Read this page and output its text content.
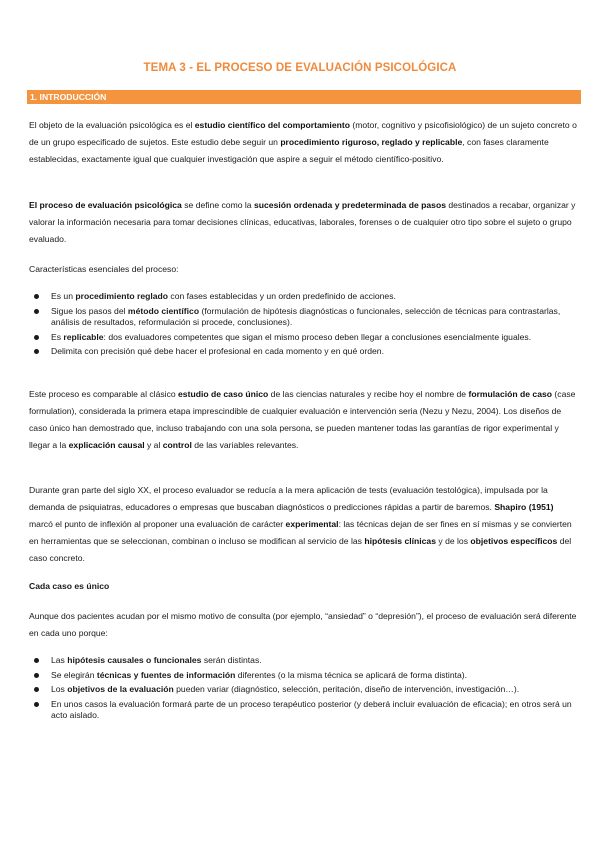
TEMA 3 - EL PROCESO DE EVALUACIÓN PSICOLÓGICA
1. INTRODUCCIÓN

El objeto de la evaluación psicológica es el estudio científico del comportamiento (motor, cognitivo y psicofisiológico) de un sujeto concreto o de un grupo especificado de sujetos. Este estudio debe seguir un procedimiento riguroso, reglado y replicable, con fases claramente establecidas, exactamente igual que cualquier investigación que aspire a seguir el método científico-positivo.

El proceso de evaluación psicológica se define como la sucesión ordenada y predeterminada de pasos destinados a recabar, organizar y valorar la información necesaria para tomar decisiones clínicas, educativas, laborales, forenses o de cualquier otro tipo sobre el sujeto o grupo evaluado.

Características esenciales del proceso:

Es un procedimiento reglado con fases establecidas y un orden predefinido de acciones.
Sigue los pasos del método científico (formulación de hipótesis diagnósticas o funcionales, selección de técnicas para contrastarlas, análisis de resultados, reformulación si procede, conclusiones).
Es replicable: dos evaluadores competentes que sigan el mismo proceso deben llegar a conclusiones esencialmente iguales.
Delimita con precisión qué debe hacer el profesional en cada momento y en qué orden.

Este proceso es comparable al clásico estudio de caso único de las ciencias naturales y recibe hoy el nombre de formulación de caso (case formulation), considerada la primera etapa imprescindible de cualquier evaluación e intervención seria (Nezu y Nezu, 2004). Los diseños de caso único han demostrado que, incluso trabajando con una sola persona, se pueden mantener todas las garantías de rigor experimental y llegar a la explicación causal y al control de las variables relevantes.

Durante gran parte del siglo XX, el proceso evaluador se reducía a la mera aplicación de tests (evaluación testológica), impulsada por la demanda de psiquiatras, educadores o empresas que buscaban diagnósticos o predicciones rápidas a partir de baremos. Shapiro (1951) marcó el punto de inflexión al proponer una evaluación de carácter experimental: las técnicas dejan de ser fines en sí mismas y se convierten en herramientas que se seleccionan, combinan o incluso se modifican al servicio de las hipótesis clínicas y de los objetivos específicos del caso concreto.

Cada caso es único

Aunque dos pacientes acudan por el mismo motivo de consulta (por ejemplo, “ansiedad” o “depresión”), el proceso de evaluación será diferente en cada uno porque:

Las hipótesis causales o funcionales serán distintas.
Se elegirán técnicas y fuentes de información diferentes (o la misma técnica se aplicará de forma distinta).
Los objetivos de la evaluación pueden variar (diagnóstico, selección, peritación, diseño de intervención, investigación…).
En unos casos la evaluación formará parte de un proceso terapéutico posterior (y deberá incluir evaluación de eficacia); en otros será un acto aislado.
